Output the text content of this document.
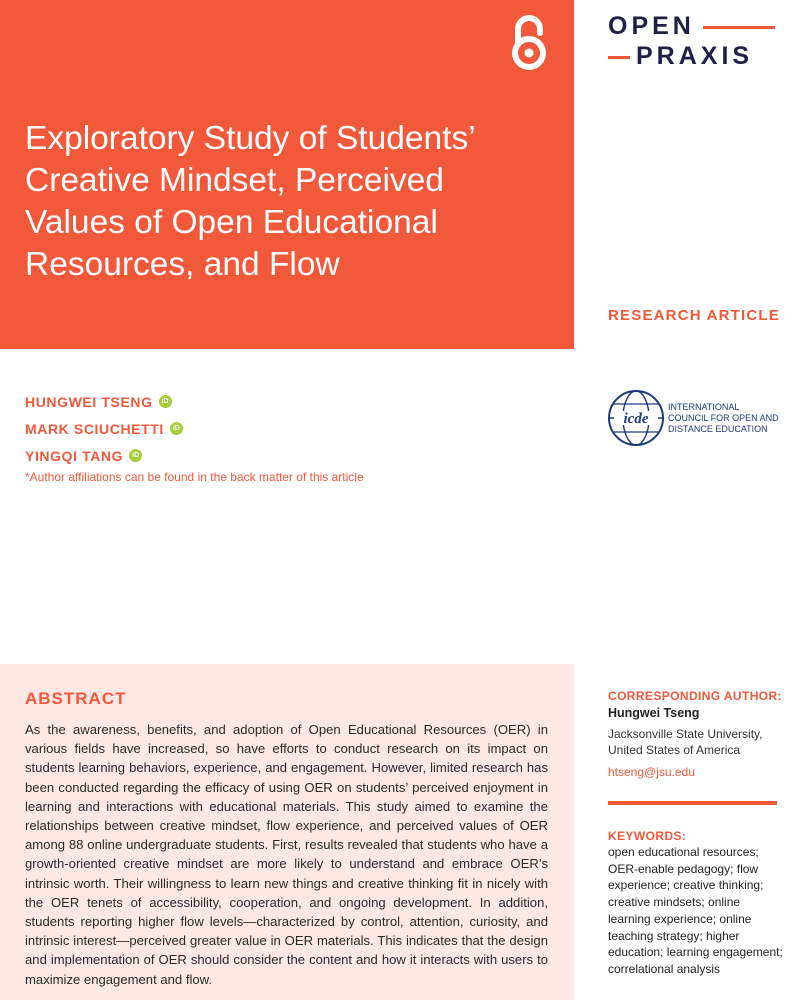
Exploratory Study of Students’ Creative Mindset, Perceived Values of Open Educational Resources, and Flow
OPEN
PRAXIS
RESEARCH ARTICLE
icde
INTERNATIONAL
COUNCIL FOR OPEN AND
DISTANCE EDUCATION
HUNGWEI TSENG	iD
MARK SCIUCHETTI	iD
YINGQI TANG	iD
*Author affiliations can be found in the back matter of this article
ABSTRACT

As the awareness, benefits, and adoption of Open Educational Resources (OER) in various fields have increased, so have efforts to conduct research on its impact on students learning behaviors, experience, and engagement. However, limited research has been conducted regarding the efficacy of using OER on students’ perceived enjoyment in learning and interactions with educational materials. This study aimed to examine the relationships between creative mindset, flow experience, and perceived values of OER among 88 online undergraduate students. First, results revealed that students who have a growth-oriented creative mindset are more likely to understand and embrace OER’s intrinsic worth. Their willingness to learn new things and creative thinking fit in nicely with the OER tenets of accessibility, cooperation, and ongoing development. In addition, students reporting higher flow levels—characterized by control, attention, curiosity, and intrinsic interest—perceived greater value in OER materials. This indicates that the design and implementation of OER should consider the content and how it interacts with users to maximize engagement and flow.

CORRESPONDING AUTHOR:
Hungwei Tseng
Jacksonville State University, United States of America
htseng@jsu.edu
KEYWORDS:
open educational resources; OER-enable pedagogy; flow experience; creative thinking; creative mindsets; online learning experience; online teaching strategy; higher education; learning engagement; correlational analysis
